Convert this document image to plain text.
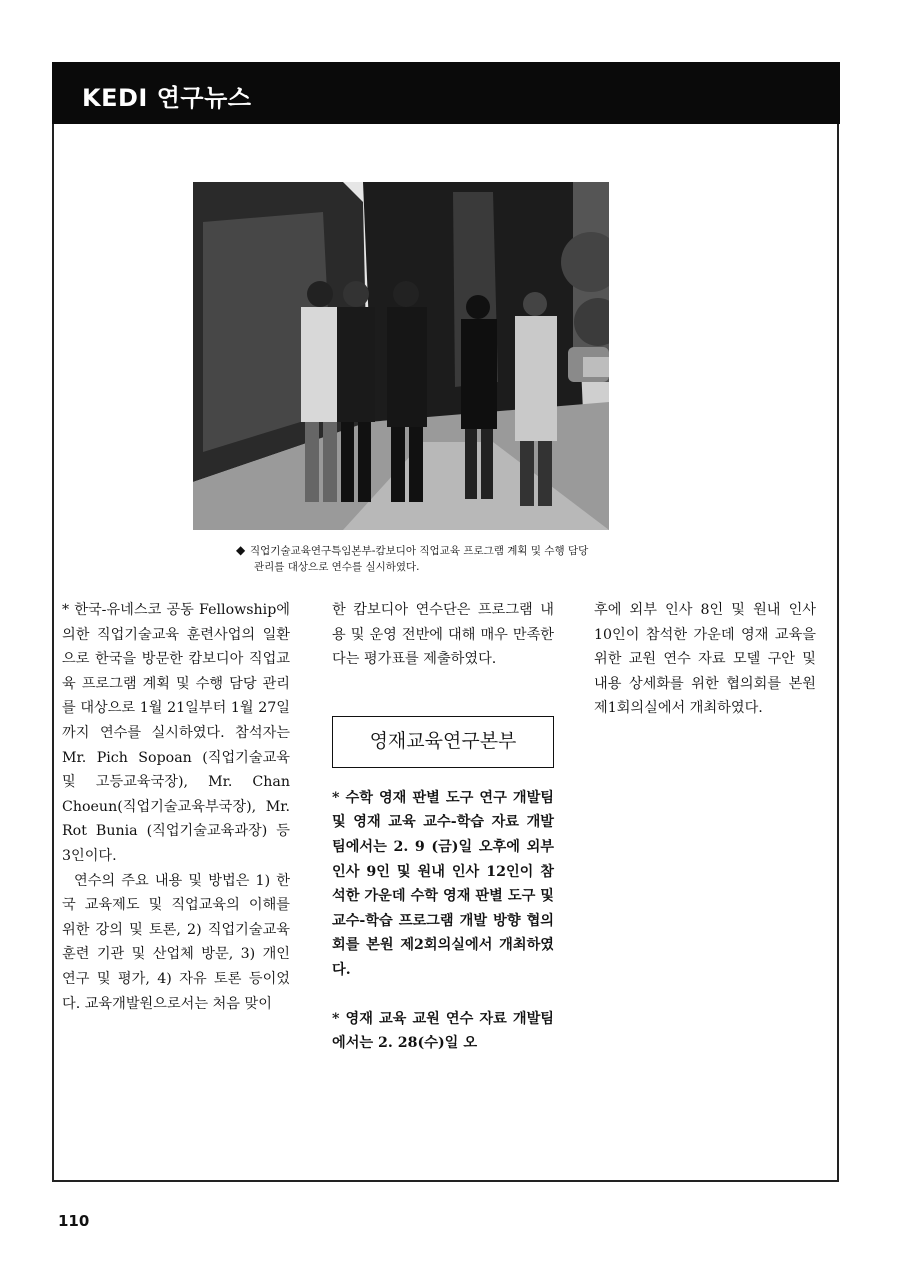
KEDI 연구뉴스
◆ 직업기술교육연구특임본부-캄보디아 직업교육 프로그램 계획 및 수행 담당
관리를 대상으로 연수를 실시하였다.

* 한국-유네스코 공동 Fellowship에 의한 직업기술교육 훈련사업의 일환으로 한국을 방문한 캄보디아 직업교육 프로그램 계획 및 수행 담당 관리를 대상으로 1월 21일부터 1월 27일까지 연수를 실시하였다. 참석자는 Mr. Pich Sopoan (직업기술교육 및 고등교육국장), Mr. Chan Choeun(직업기술교육부국장), Mr. Rot Bunia (직업기술교육과장) 등 3인이다.

연수의 주요 내용 및 방법은 1) 한국 교육제도 및 직업교육의 이해를 위한 강의 및 토론, 2) 직업기술교육 훈련 기관 및 산업체 방문, 3) 개인 연구 및 평가, 4) 자유 토론 등이었다. 교육개발원으로서는 처음 맞이

한 캄보디아 연수단은 프로그램 내용 및 운영 전반에 대해 매우 만족한다는 평가표를 제출하였다.

영재교육연구본부

* 수학 영재 판별 도구 연구 개발팀 및 영재 교육 교수-학습 자료 개발팀에서는 2. 9 (금)일 오후에 외부 인사 9인 및 원내 인사 12인이 참석한 가운데 수학 영재 판별 도구 및 교수-학습 프로그램 개발 방향 협의회를 본원 제2회의실에서 개최하였다.

* 영재 교육 교원 연수 자료 개발팀에서는 2. 28(수)일 오

후에 외부 인사 8인 및 원내 인사 10인이 참석한 가운데 영재 교육을 위한 교원 연수 자료 모델 구안 및 내용 상세화를 위한 협의회를 본원 제1회의실에서 개최하였다.

110
